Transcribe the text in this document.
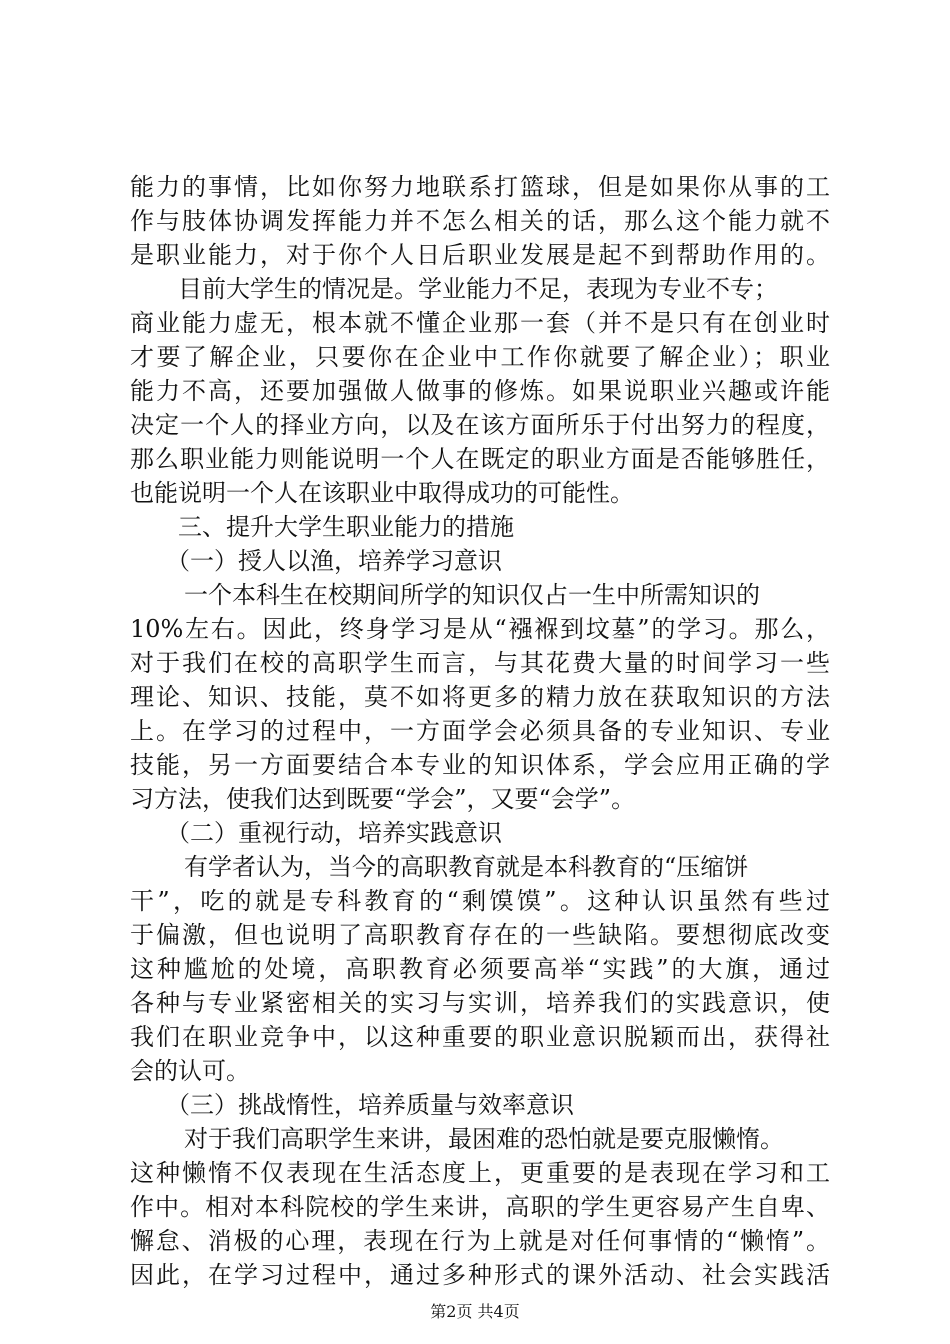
能力的事情，比如你努力地联系打篮球，但是如果你从事的工
作与肢体协调发挥能力并不怎么相关的话，那么这个能力就不
是职业能力，对于你个人日后职业发展是起不到帮助作用的。
目前大学生的情况是。学业能力不足，表现为专业不专；
商业能力虚无，根本就不懂企业那一套（并不是只有在创业时
才要了解企业，只要你在企业中工作你就要了解企业）；职业
能力不高，还要加强做人做事的修炼。如果说职业兴趣或许能
决定一个人的择业方向，以及在该方面所乐于付出努力的程度，
那么职业能力则能说明一个人在既定的职业方面是否能够胜任，
也能说明一个人在该职业中取得成功的可能性。
三、提升大学生职业能力的措施
（一）授人以渔，培养学习意识
一个本科生在校期间所学的知识仅占一生中所需知识的
10%左右。因此，终身学习是从“襁褓到坟墓”的学习。那么，
对于我们在校的高职学生而言，与其花费大量的时间学习一些
理论、知识、技能，莫不如将更多的精力放在获取知识的方法
上。在学习的过程中，一方面学会必须具备的专业知识、专业
技能，另一方面要结合本专业的知识体系，学会应用正确的学
习方法，使我们达到既要“学会”，又要“会学”。
（二）重视行动，培养实践意识
有学者认为，当今的高职教育就是本科教育的“压缩饼
干”，吃的就是专科教育的“剩馍馍”。这种认识虽然有些过
于偏激，但也说明了高职教育存在的一些缺陷。要想彻底改变
这种尴尬的处境，高职教育必须要高举“实践”的大旗，通过
各种与专业紧密相关的实习与实训，培养我们的实践意识，使
我们在职业竞争中，以这种重要的职业意识脱颖而出，获得社
会的认可。
（三）挑战惰性，培养质量与效率意识
对于我们高职学生来讲，最困难的恐怕就是要克服懒惰。
这种懒惰不仅表现在生活态度上，更重要的是表现在学习和工
作中。相对本科院校的学生来讲，高职的学生更容易产生自卑、
懈怠、消极的心理，表现在行为上就是对任何事情的“懒惰”。
因此，在学习过程中，通过多种形式的课外活动、社会实践活
第2页 共4页
